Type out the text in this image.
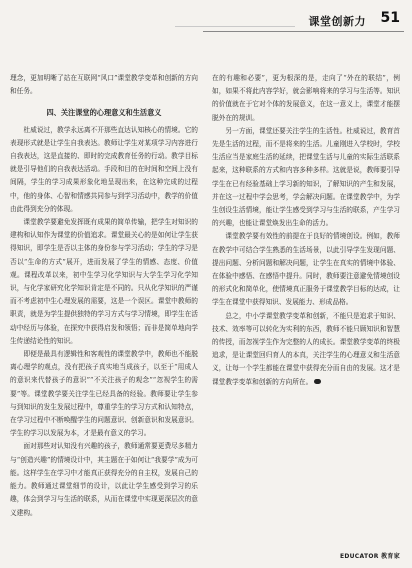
课堂创新力 51

理念，更加明晰了站在互联网“风口”课堂教学变革和创新的方向和任务。

四、关注课堂的心理意义和生活意义

杜威说过，教学永远离不开那些直达认知核心的情境。它的表现形式就是让学生自我表达。教师让学生对某项学习内容进行自我表达，这是直接的、即时的完成教育任务的行动。教学目标就是引导他们的自我表达活动。手段和目的在时间和空间上没有间隔，学生的学习成果形象化地呈现出来，在这种完成的过程中，他的身体、心智和情感共同参与到学习活动中，教学的价值由此得到充分的体现。

课堂教学要避免发挥既有成果的简单传输，把学生对知识的建构和认知作为课堂的价值追求。课堂最关心的是如何让学生获得知识，即学生是否以主体的身份参与学习活动；学生的学习是否以“生命的方式”展开，进而发展了学生的情感、态度、价值观。课程改革以来，初中生学习化学知识与大学生学习化学知识，与化学家研究化学知识肯定是不同的。只从化学知识的严谨而不考虑初中生心理发展的需要，这是一个误区。课堂中教师的职责，就是为学生提供独特的学习方式与学习情境，即学生在活动中经历与体验，在探究中获得启发和领悟；而非是简单地向学生传递结论性的知识。

即便是最具有逻辑性和客观性的课堂教学中，教师也不能脱离心理学的观点，没有把孩子真实地当成孩子，以至于“用成人的意识来代替孩子的意识”“不关注孩子的观念”“忽视学生的需要”等。课堂教学要关注学生已经具备的经验。教师要让学生参与到知识的发生发展过程中，尊重学生的学习方式和认知特点，在学习过程中不断唤醒学生的问题意识、创新意识和发展意识。学生的学习以发展为本，才是最有意义的学习。

面对那些对认知没有兴趣的孩子，教师通常要更费尽多精力与“创造兴趣”的情境设计中，其主题在于如何让“我要学”成为可能。这样学生在学习中才能真正获得充分的自主权，发展自己的能力。教师通过课堂细节的设计，以此让学生感受到学习的乐趣，体会到学习与生活的联系，从而在课堂中实现更深层次的意义建构。

在的有趣和必要”，更为根深的是，走向了“外在的联结”，例如，如果不将此内容学好，就会影响将来的学习与生活等。知识的价值就在于它对个体的发展意义，在这一意义上，课堂才能摆脱外在的规训。

另一方面，课堂还要关注学生的生活性。杜威说过，教育首先是生活的过程，而不是将来的生活。儿童刚进入学校时，学校生活应当是家庭生活的延续，把课堂生活与儿童的实际生活联系起来，这种联系的方式和内容多种多样。这就是说，教师要引导学生在已有经验基础上学习新的知识，了解知识的产生和发展，并在这一过程中学会思考，学会解决问题。在课堂教学中，为学生创设生活情境，能让学生感受到学习与生活的联系，产生学习的兴趣，也能让课堂焕发出生命的活力。

课堂教学要有效性的前提在于良好的情境创设。例如，教师在教学中可结合学生熟悉的生活场景，以此引导学生发现问题、提出问题、分析问题和解决问题，让学生在真实的情境中体验、在体验中感悟、在感悟中提升。同时，教师要注意避免情境创设的形式化和简单化，使情境真正服务于课堂教学目标的达成，让学生在课堂中获得知识、发展能力、形成品格。

总之，中小学课堂教学变革和创新，不能只是追求于知识、技术、效率等可以转化为实利的东西，教师不能只顾知识和智慧的传授，而忽视学生作为完整的人的成长。课堂教学变革的终极追求，是让课堂回归育人的本真，关注学生的心理意义和生活意义，让每一个学生都能在课堂中获得充分而自由的发展。这才是课堂教学变革和创新的方向所在。

EDUCATOR 教育家
